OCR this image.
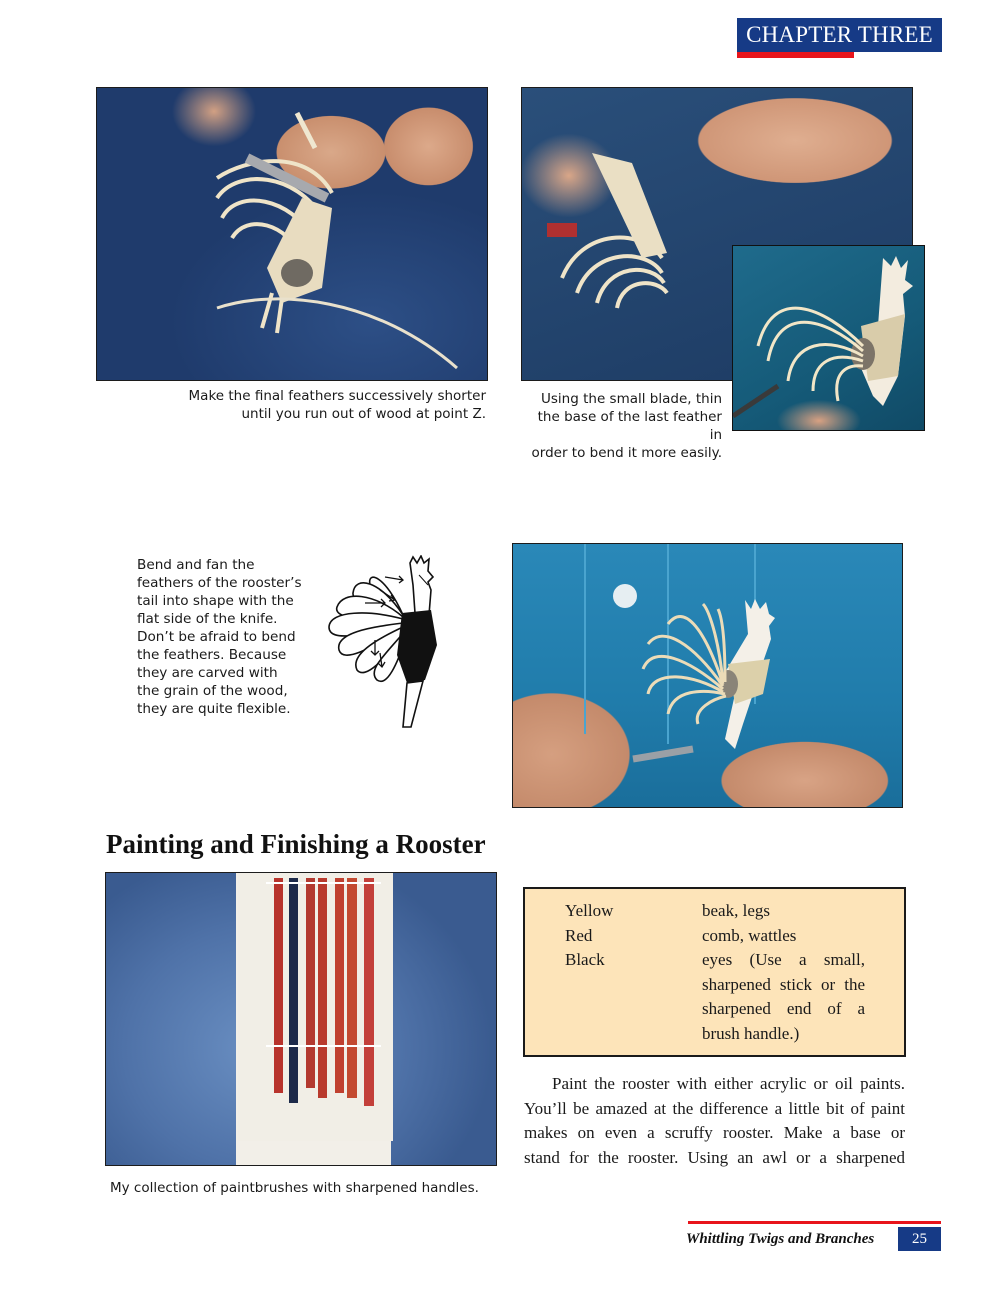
CHAPTER THREE
Make the final feathers successively shorter
until you run out of wood at point Z.
Using the small blade, thin
the base of the last feather in
order to bend it more easily.
Bend and fan the
feathers of the rooster’s
tail into shape with the
flat side of the knife.
Don’t be afraid to bend
the feathers. Because
they are carved with
the grain of the wood,
they are quite flexible.
Painting and Finishing a Rooster
My collection of paintbrushes with sharpened handles.
Yellow	beak, legs
Red	comb, wattles
Black	eyes (Use a small,
sharpened stick or the
sharpened end of a
brush handle.)
Paint the rooster with either acrylic or oil paints.
You’ll be amazed at the difference a little bit of paint
makes on even a scruffy rooster. Make a base or
stand for the rooster. Using an awl or a sharpened
Whittling Twigs and Branches	25
